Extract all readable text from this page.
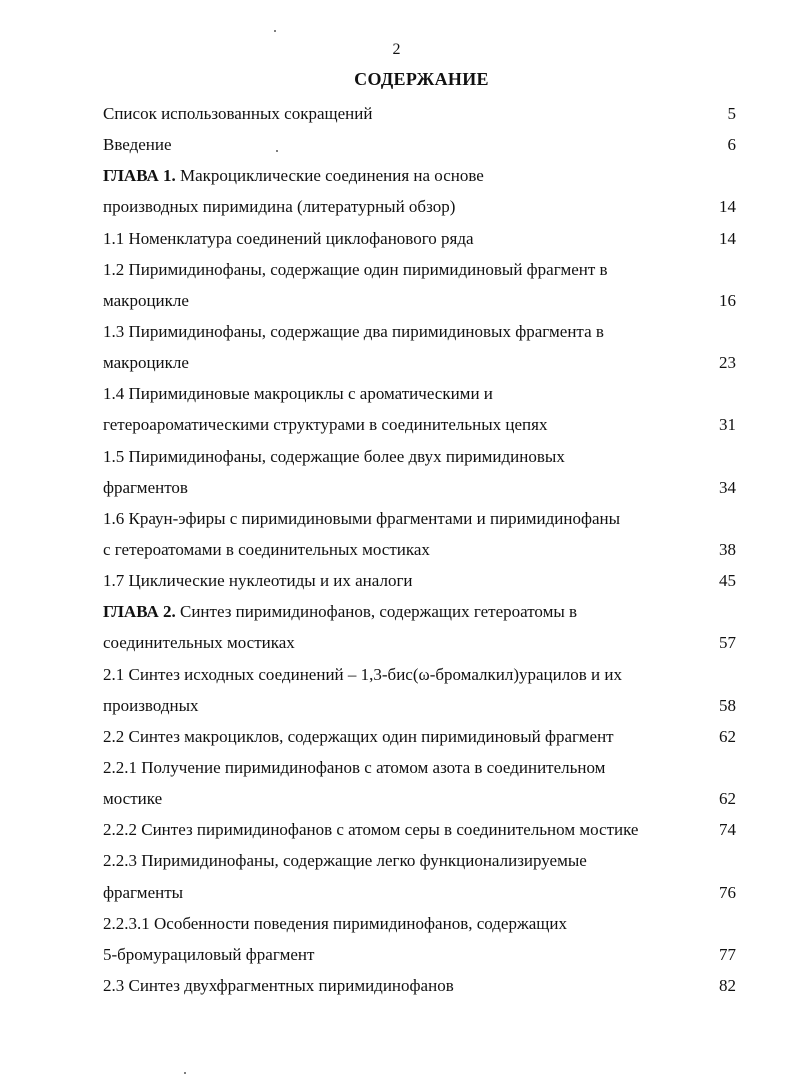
2
СОДЕРЖАНИЕ
Список использованных сокращений	5
Введение	6
ГЛАВА 1. Макроциклические соединения на основе
производных пиримидина (литературный обзор)	14
1.1 Номенклатура соединений циклофанового ряда	14
1.2 Пиримидинофаны, содержащие один пиримидиновый фрагмент в
макроцикле	16
1.3 Пиримидинофаны, содержащие два пиримидиновых фрагмента в
макроцикле	23
1.4 Пиримидиновые макроциклы с ароматическими и
гетероароматическими структурами в соединительных цепях	31
1.5 Пиримидинофаны, содержащие более двух пиримидиновых
фрагментов	34
1.6 Краун-эфиры с пиримидиновыми фрагментами и пиримидинофаны
с гетероатомами в соединительных мостиках	38
1.7 Циклические нуклеотиды и их аналоги	45
ГЛАВА 2. Синтез пиримидинофанов, содержащих гетероатомы в
соединительных мостиках	57
2.1 Синтез исходных соединений – 1,3-бис(ω-бромалкил)урацилов и их
производных	58
2.2 Синтез макроциклов, содержащих один пиримидиновый фрагмент	62
2.2.1 Получение пиримидинофанов с атомом азота в соединительном
мостике	62
2.2.2 Синтез пиримидинофанов с атомом серы в соединительном мостике	74
2.2.3 Пиримидинофаны, содержащие легко функционализируемые
фрагменты	76
2.2.3.1 Особенности поведения пиримидинофанов, содержащих
5-бромурациловый фрагмент	77
2.3 Синтез двухфрагментных пиримидинофанов	82
